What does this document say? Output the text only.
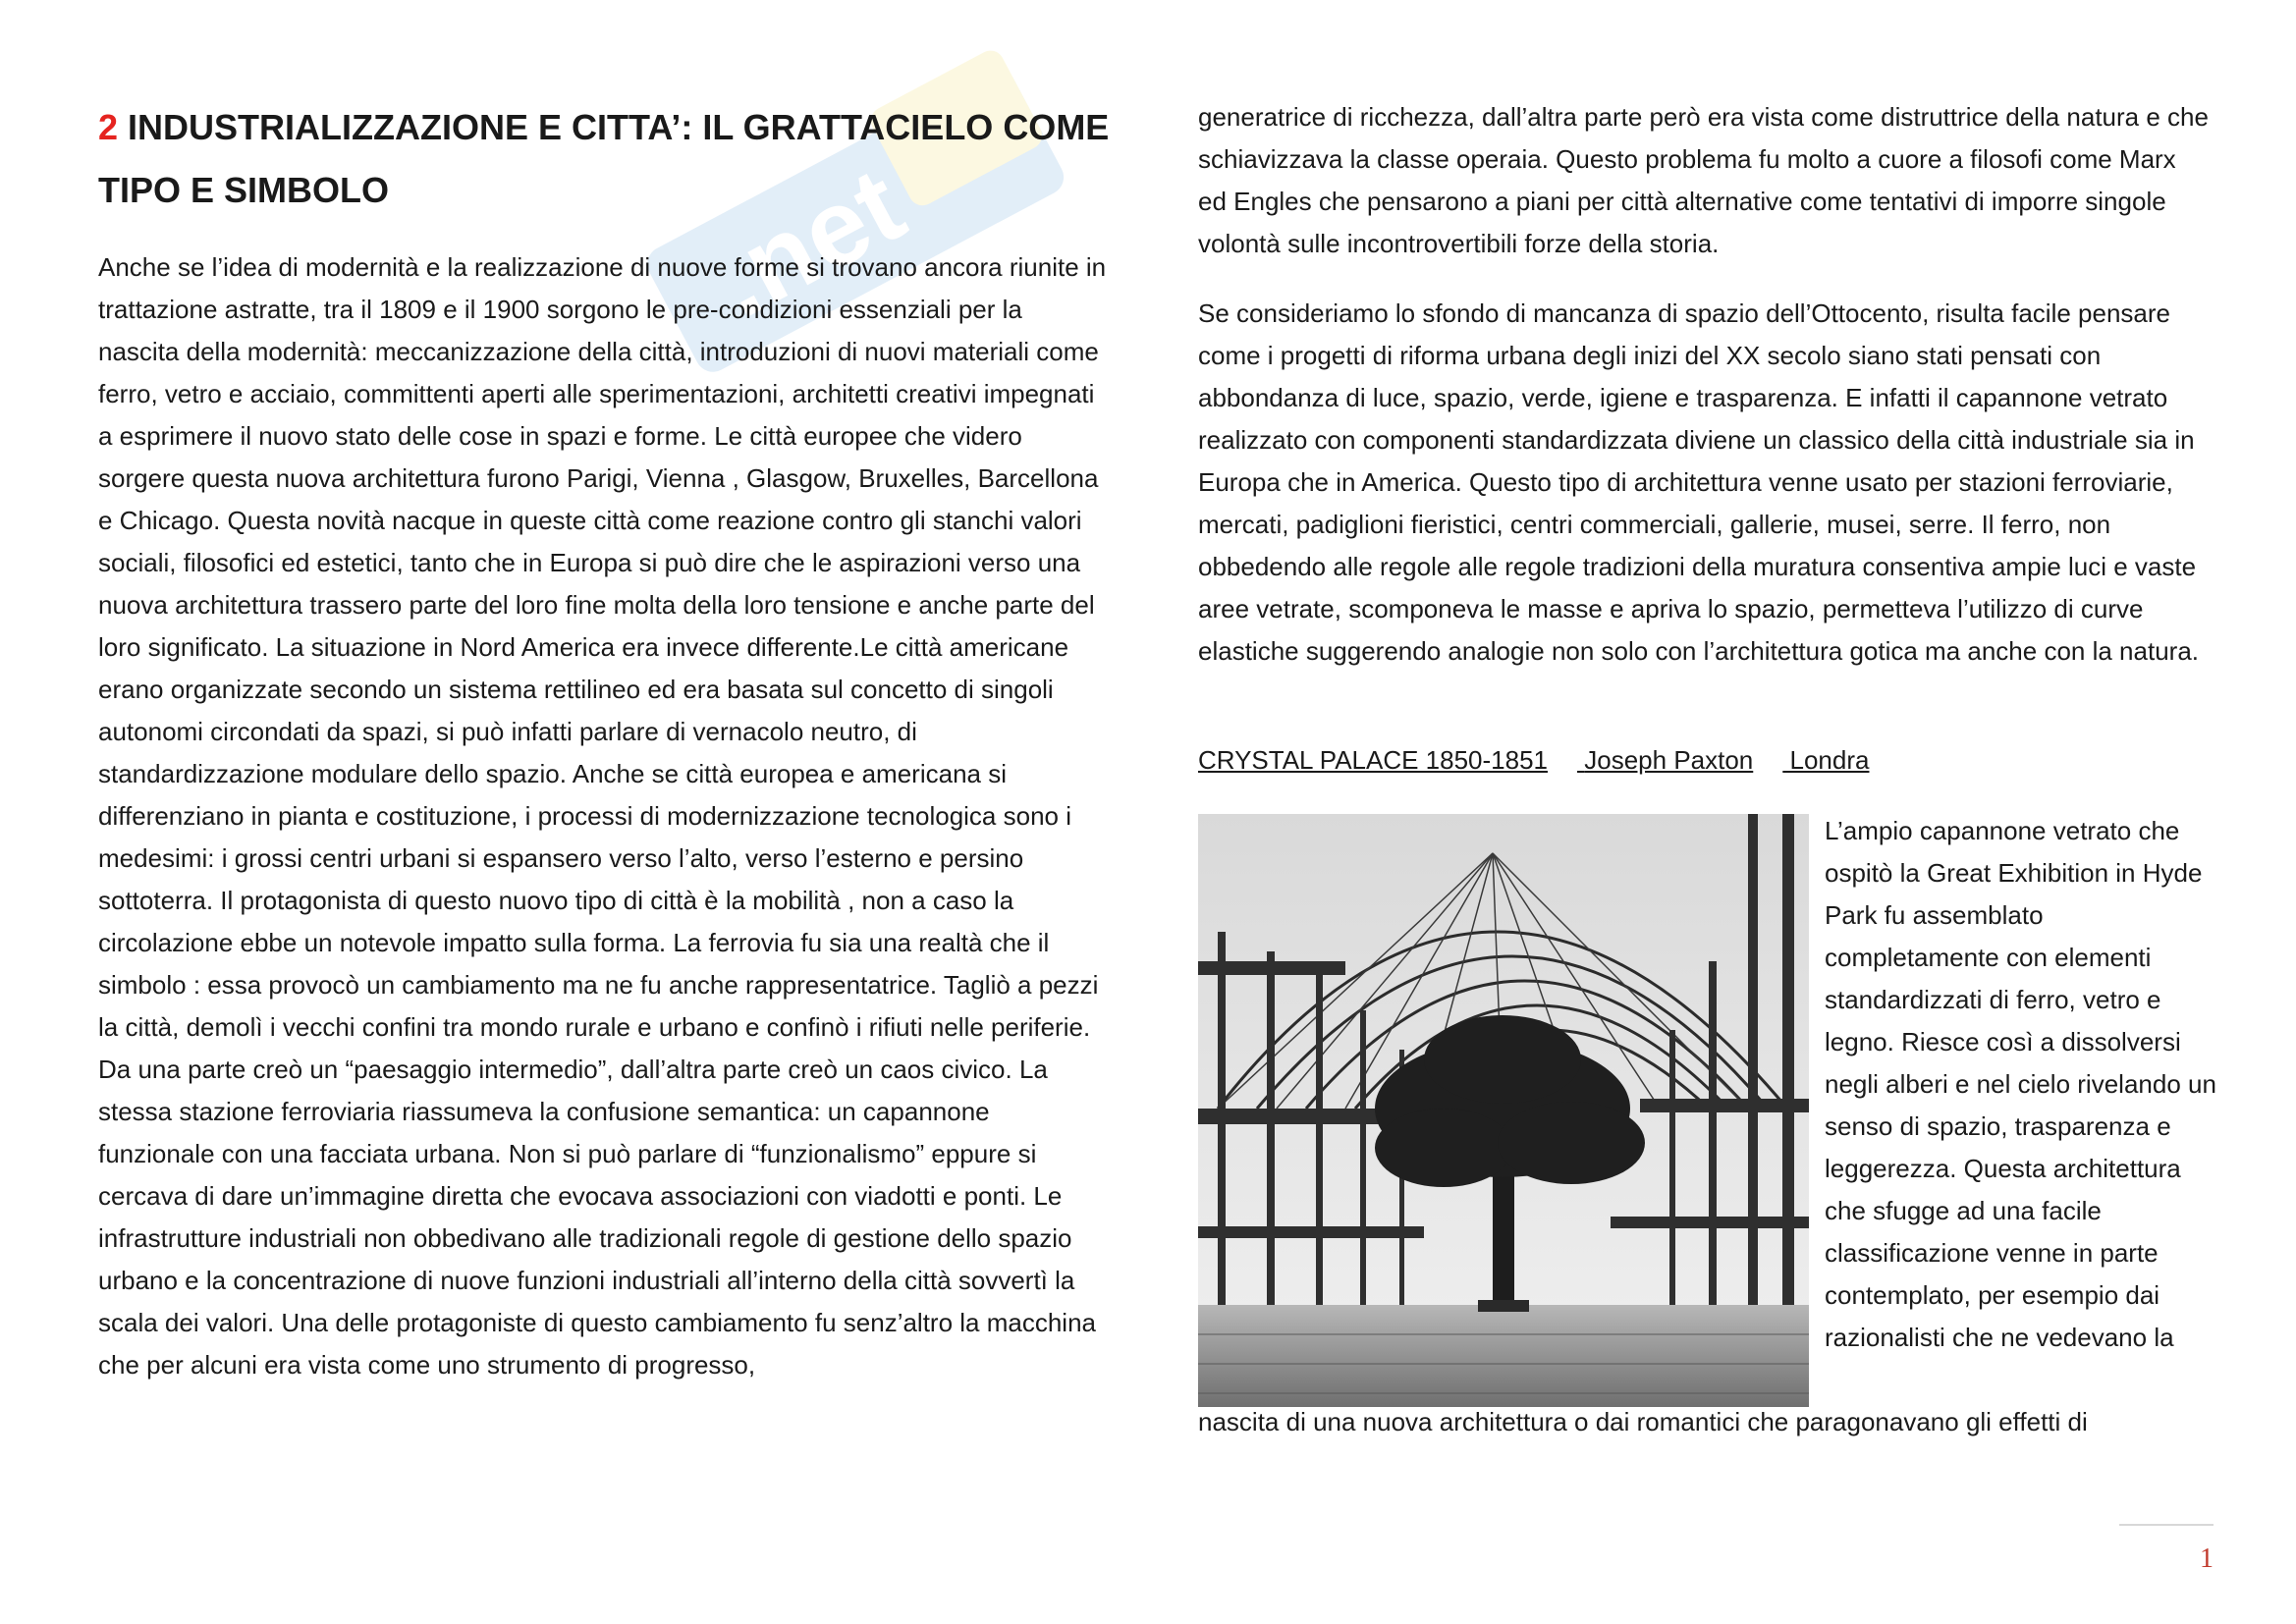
.net
2 INDUSTRIALIZZAZIONE E CITTA’: IL GRATTACIELO COME TIPO E SIMBOLO

Anche se l’idea di modernità e la realizzazione di nuove forme si trovano ancora riunite in trattazione astratte, tra il 1809 e il 1900 sorgono le pre-condizioni essenziali per la nascita della modernità: meccanizzazione della città, introduzioni di nuovi materiali come ferro, vetro e acciaio, committenti aperti alle sperimentazioni, architetti creativi impegnati a esprimere il nuovo stato delle cose in spazi e forme. Le città europee che videro sorgere questa nuova architettura furono Parigi, Vienna , Glasgow, Bruxelles, Barcellona e Chicago. Questa novità nacque in queste città come reazione contro gli stanchi valori sociali, filosofici ed estetici, tanto che in Europa si può dire che le aspirazioni verso una nuova architettura trassero parte del loro fine molta della loro tensione e anche parte del loro significato. La situazione in Nord America era invece differente.Le città americane erano organizzate secondo un sistema rettilineo ed era basata sul concetto di singoli autonomi circondati da spazi, si può infatti parlare di vernacolo neutro, di standardizzazione modulare dello spazio. Anche se città europea e americana si differenziano in pianta e costituzione, i processi di modernizzazione tecnologica sono i medesimi: i grossi centri urbani si espansero verso l’alto, verso l’esterno e persino sottoterra. Il protagonista di questo nuovo tipo di città è la mobilità , non a caso la circolazione ebbe un notevole impatto sulla forma. La ferrovia fu sia una realtà che il simbolo : essa provocò un cambiamento ma ne fu anche rappresentatrice. Tagliò a pezzi la città, demolì i vecchi confini tra mondo rurale e urbano e confinò i rifiuti nelle periferie. Da una parte creò un “paesaggio intermedio”, dall’altra parte creò un caos civico. La stessa stazione ferroviaria riassumeva la confusione semantica: un capannone funzionale con una facciata urbana. Non si può parlare di “funzionalismo” eppure si cercava di dare un’immagine diretta che evocava associazioni con viadotti e ponti. Le infrastrutture industriali non obbedivano alle tradizionali regole di gestione dello spazio urbano e la concentrazione di nuove funzioni industriali all’interno della città sovvertì la scala dei valori. Una delle protagoniste di questo cambiamento fu senz’altro la macchina che per alcuni era vista come uno strumento di progresso,

generatrice di ricchezza, dall’altra parte però era vista come distruttrice della natura e che schiavizzava la classe operaia. Questo problema fu molto a cuore a filosofi come Marx ed Engles che pensarono a piani per città alternative come tentativi di imporre singole volontà sulle incontrovertibili forze della storia.

Se consideriamo lo sfondo di mancanza di spazio dell’Ottocento, risulta facile pensare come i progetti di riforma urbana degli inizi del XX secolo siano stati pensati con abbondanza di luce, spazio, verde, igiene e trasparenza. E infatti il capannone vetrato realizzato con componenti standardizzata diviene un classico della città industriale sia in Europa che in America. Questo tipo di architettura venne usato per stazioni ferroviarie, mercati, padiglioni fieristici, centri commerciali, gallerie, musei, serre. Il ferro, non obbedendo alle regole alle regole tradizioni della muratura consentiva ampie luci e vaste aree vetrate, scomponeva le masse e apriva lo spazio, permetteva l’utilizzo di curve elastiche suggerendo analogie non solo con l’architettura gotica ma anche con la natura.

CRYSTAL PALACE 1850-1851 Joseph Paxton Londra

L’ampio capannone vetrato che ospitò la Great Exhibition in Hyde Park fu assemblato completamente con elementi standardizzati di ferro, vetro e legno. Riesce così a dissolversi negli alberi e nel cielo rivelando un senso di spazio, trasparenza e leggerezza. Questa architettura che sfugge ad una facile classificazione venne in parte contemplato, per esempio dai razionalisti che ne vedevano la

nascita di una nuova architettura o dai romantici che paragonavano gli effetti di

1
